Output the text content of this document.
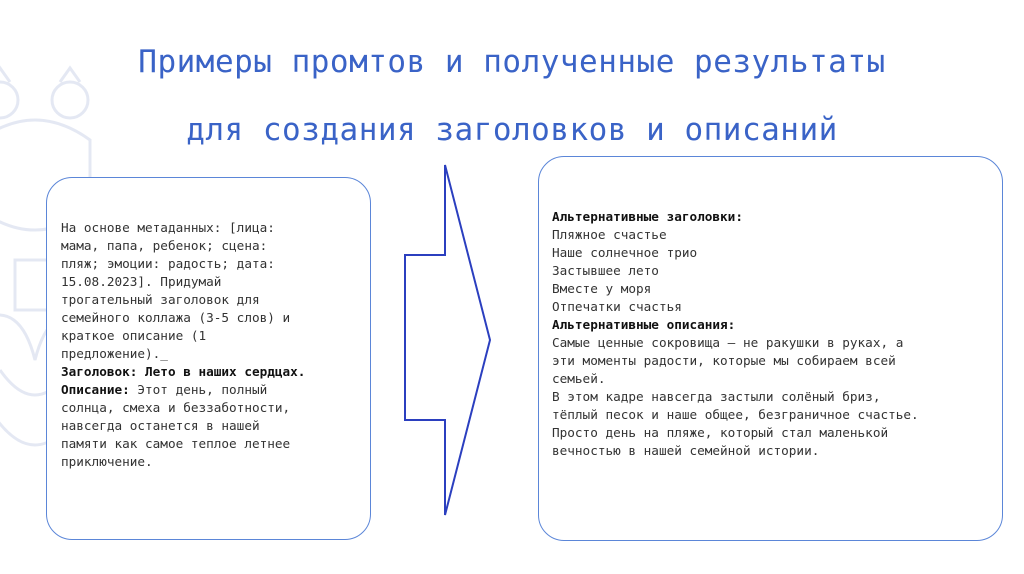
Примеры промтов и полученные результаты
для создания заголовков и описаний
На основе метаданных: [лица:
мама, папа, ребенок; сцена:
пляж; эмоции: радость; дата:
15.08.2023]. Придумай
трогательный заголовок для
семейного коллажа (3-5 слов) и
краткое описание (1
предложение)._
Заголовок: Лето в наших сердцах.
Описание: Этот день, полный
солнца, смеха и беззаботности,
навсегда останется в нашей
памяти как самое теплое летнее
приключение.
Альтернативные заголовки:
Пляжное счастье
Наше солнечное трио
Застывшее лето
Вместе у моря
Отпечатки счастья
Альтернативные описания:
Самые ценные сокровища — не ракушки в руках, а
эти моменты радости, которые мы собираем всей
семьей.
В этом кадре навсегда застыли солёный бриз,
тёплый песок и наше общее, безграничное счастье.
Просто день на пляже, который стал маленькой
вечностью в нашей семейной истории.
